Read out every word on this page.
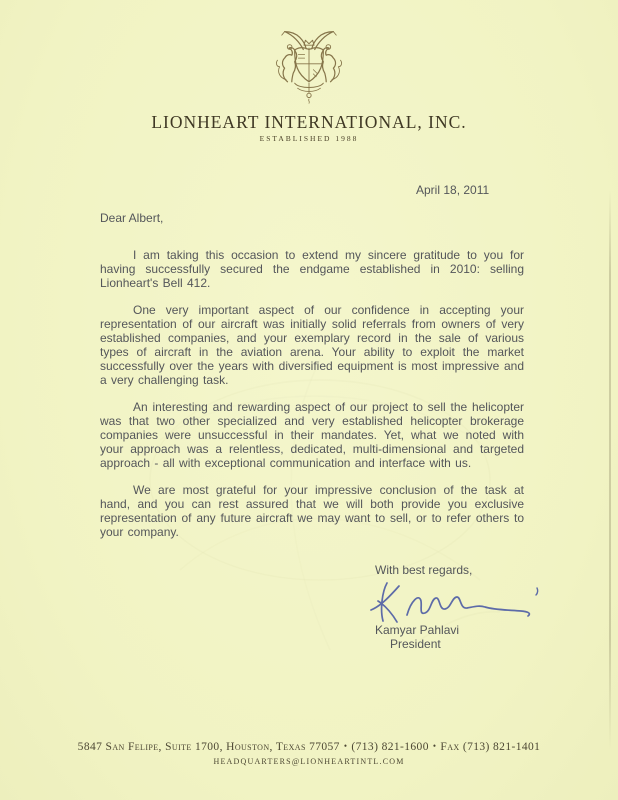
LIONHEART INTERNATIONAL, INC.
ESTABLISHED 1988
April 18, 2011
Dear Albert,

I am taking this occasion to extend my sincere gratitude to you for having successfully secured the endgame established in 2010: selling Lionheart's Bell 412.

One very important aspect of our confidence in accepting your representation of our aircraft was initially solid referrals from owners of very established companies, and your exemplary record in the sale of various types of aircraft in the aviation arena. Your ability to exploit the market successfully over the years with diversified equipment is most impressive and a very challenging task.

An interesting and rewarding aspect of our project to sell the helicopter was that two other specialized and very established helicopter brokerage companies were unsuccessful in their mandates. Yet, what we noted with your approach was a relentless, dedicated, multi-dimensional and targeted approach - all with exceptional communication and interface with us.

We are most grateful for your impressive conclusion of the task at hand, and you can rest assured that we will both provide you exclusive representation of any future aircraft we may want to sell, or to refer others to your company.

With best regards,
Kamyar Pahlavi
President
5847 San Felipe, Suite 1700, Houston, Texas 77057 • (713) 821-1600 • Fax (713) 821-1401
HEADQUARTERS@LIONHEARTINTL.COM
